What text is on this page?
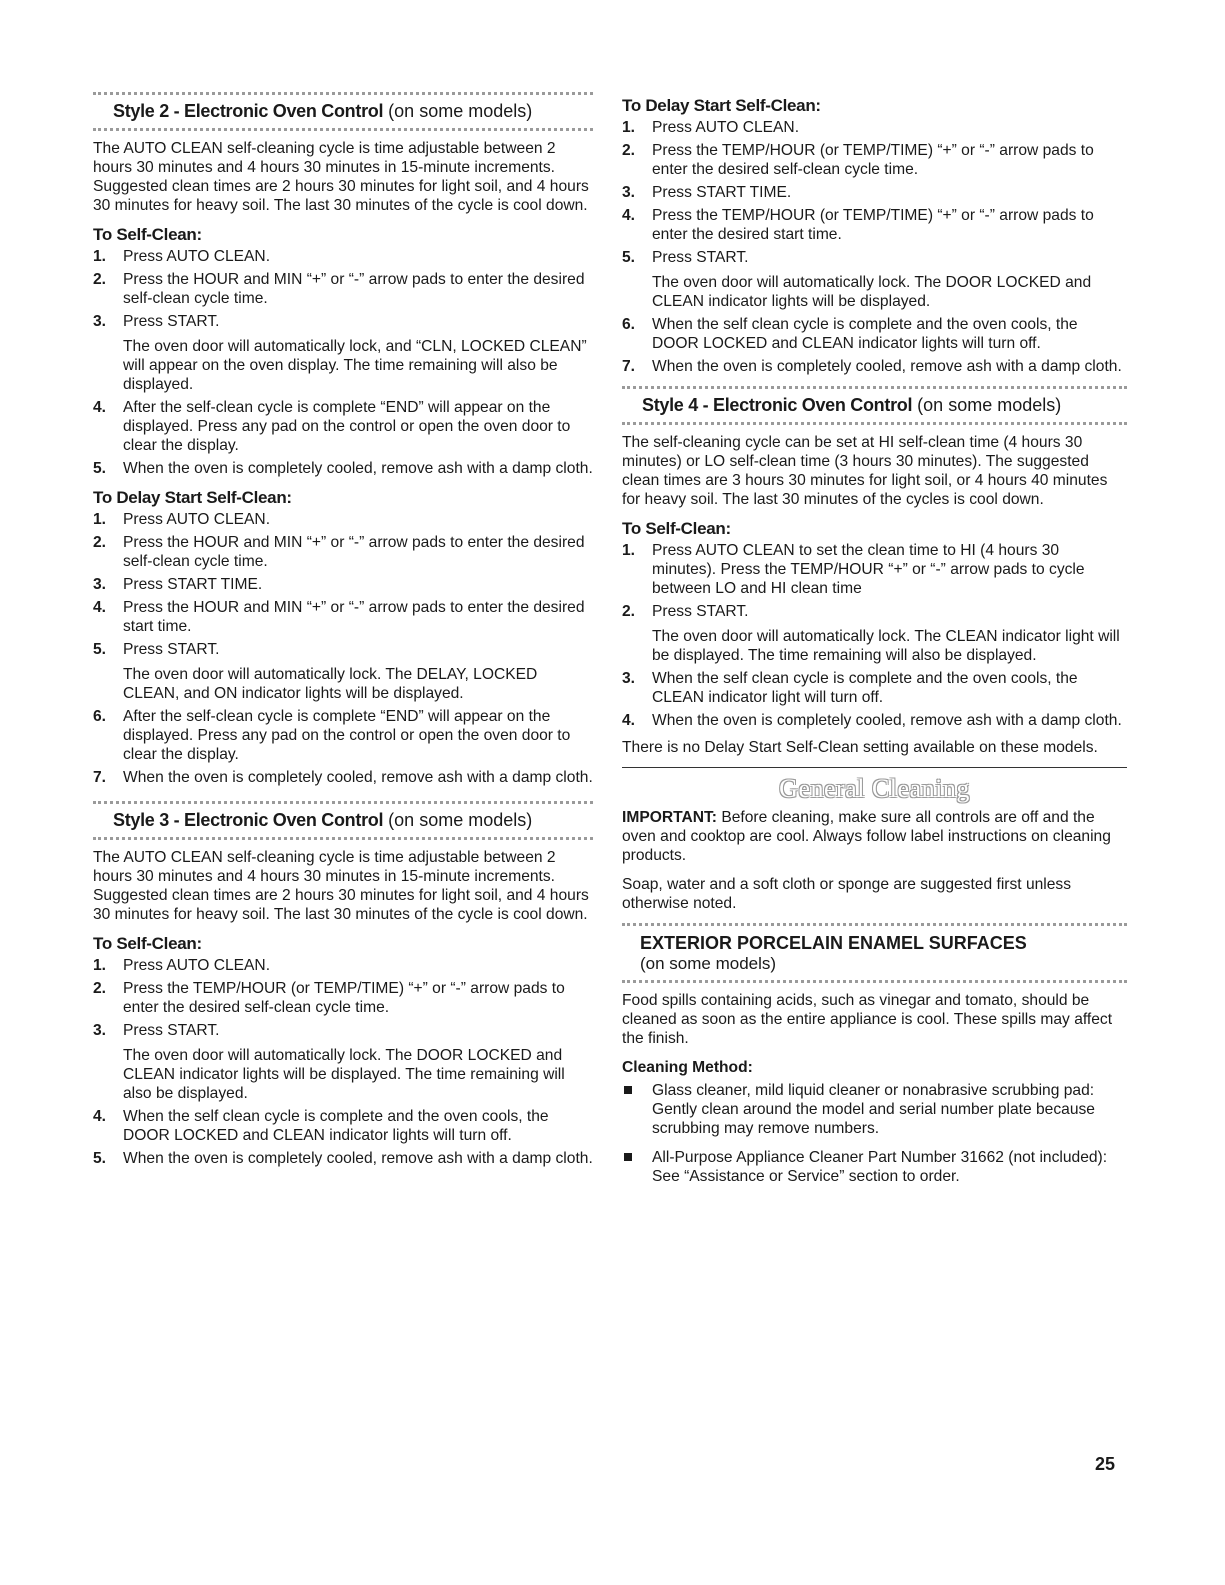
Style 2 - Electronic Oven Control (on some models)

The AUTO CLEAN self-cleaning cycle is time adjustable between 2 hours 30 minutes and 4 hours 30 minutes in 15-minute increments. Suggested clean times are 2 hours 30 minutes for light soil, and 4 hours 30 minutes for heavy soil. The last 30 minutes of the cycle is cool down.

To Self-Clean:
1. Press AUTO CLEAN.
2. Press the HOUR and MIN “+” or “-” arrow pads to enter the desired self-clean cycle time.
3. Press START.
The oven door will automatically lock, and “CLN, LOCKED CLEAN” will appear on the oven display. The time remaining will also be displayed.
4. After the self-clean cycle is complete “END” will appear on the displayed. Press any pad on the control or open the oven door to clear the display.
5. When the oven is completely cooled, remove ash with a damp cloth.
To Delay Start Self-Clean:
1. Press AUTO CLEAN.
2. Press the HOUR and MIN “+” or “-” arrow pads to enter the desired self-clean cycle time.
3. Press START TIME.
4. Press the HOUR and MIN “+” or “-” arrow pads to enter the desired start time.
5. Press START.
The oven door will automatically lock. The DELAY, LOCKED CLEAN, and ON indicator lights will be displayed.
6. After the self-clean cycle is complete “END” will appear on the displayed. Press any pad on the control or open the oven door to clear the display.
7. When the oven is completely cooled, remove ash with a damp cloth.
Style 3 - Electronic Oven Control (on some models)

The AUTO CLEAN self-cleaning cycle is time adjustable between 2 hours 30 minutes and 4 hours 30 minutes in 15-minute increments. Suggested clean times are 2 hours 30 minutes for light soil, and 4 hours 30 minutes for heavy soil. The last 30 minutes of the cycle is cool down.

To Self-Clean:
1. Press AUTO CLEAN.
2. Press the TEMP/HOUR (or TEMP/TIME) “+” or “-” arrow pads to enter the desired self-clean cycle time.
3. Press START.
The oven door will automatically lock. The DOOR LOCKED and CLEAN indicator lights will be displayed. The time remaining will also be displayed.
4. When the self clean cycle is complete and the oven cools, the DOOR LOCKED and CLEAN indicator lights will turn off.
5. When the oven is completely cooled, remove ash with a damp cloth.
To Delay Start Self-Clean:
1. Press AUTO CLEAN.
2. Press the TEMP/HOUR (or TEMP/TIME) “+” or “-” arrow pads to enter the desired self-clean cycle time.
3. Press START TIME.
4. Press the TEMP/HOUR (or TEMP/TIME) “+” or “-” arrow pads to enter the desired start time.
5. Press START.
The oven door will automatically lock. The DOOR LOCKED and CLEAN indicator lights will be displayed.
6. When the self clean cycle is complete and the oven cools, the DOOR LOCKED and CLEAN indicator lights will turn off.
7. When the oven is completely cooled, remove ash with a damp cloth.
Style 4 - Electronic Oven Control (on some models)

The self-cleaning cycle can be set at HI self-clean time (4 hours 30 minutes) or LO self-clean time (3 hours 30 minutes). The suggested clean times are 3 hours 30 minutes for light soil, or 4 hours 40 minutes for heavy soil. The last 30 minutes of the cycles is cool down.

To Self-Clean:
1. Press AUTO CLEAN to set the clean time to HI (4 hours 30 minutes). Press the TEMP/HOUR “+” or “-” arrow pads to cycle between LO and HI clean time
2. Press START.
The oven door will automatically lock. The CLEAN indicator light will be displayed. The time remaining will also be displayed.
3. When the self clean cycle is complete and the oven cools, the CLEAN indicator light will turn off.
4. When the oven is completely cooled, remove ash with a damp cloth.

There is no Delay Start Self-Clean setting available on these models.

General Cleaning

IMPORTANT: Before cleaning, make sure all controls are off and the oven and cooktop are cool. Always follow label instructions on cleaning products.

Soap, water and a soft cloth or sponge are suggested first unless otherwise noted.

EXTERIOR PORCELAIN ENAMEL SURFACES
(on some models)

Food spills containing acids, such as vinegar and tomato, should be cleaned as soon as the entire appliance is cool. These spills may affect the finish.

Cleaning Method:
Glass cleaner, mild liquid cleaner or nonabrasive scrubbing pad:
Gently clean around the model and serial number plate because scrubbing may remove numbers.
All-Purpose Appliance Cleaner Part Number 31662 (not included):
See “Assistance or Service” section to order.
25
